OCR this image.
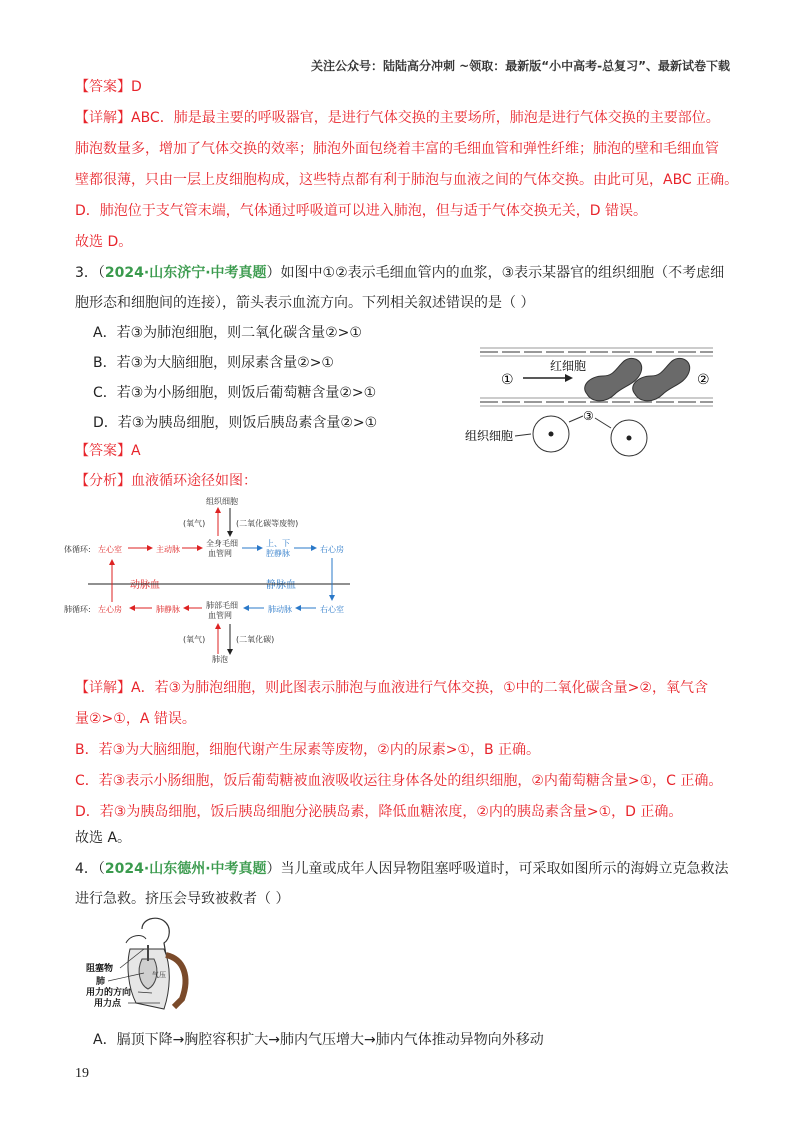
关注公众号：陆陆高分冲刺 ~领取：最新版“小中高考-总复习”、最新试卷下载
【答案】D
【详解】ABC．肺是最主要的呼吸器官，是进行气体交换的主要场所，肺泡是进行气体交换的主要部位。
肺泡数量多，增加了气体交换的效率；肺泡外面包绕着丰富的毛细血管和弹性纤维；肺泡的壁和毛细血管
壁都很薄，只由一层上皮细胞构成，这些特点都有利于肺泡与血液之间的气体交换。由此可见，ABC 正确。
D．肺泡位于支气管末端，气体通过呼吸道可以进入肺泡，但与适于气体交换无关，D 错误。
故选 D。
3．（2024·山东济宁·中考真题）如图中①②表示毛细血管内的血浆，③表示某器官的组织细胞（不考虑细
胞形态和细胞间的连接），箭头表示血流方向。下列相关叙述错误的是（ ）
A．若③为肺泡细胞，则二氧化碳含量②>①
B．若③为大脑细胞，则尿素含量②>①
C．若③为小肠细胞，则饭后葡萄糖含量②>①
D．若③为胰岛细胞，则饭后胰岛素含量②>①
①
红细胞
②
③
组织细胞
【答案】A
【分析】血液循环途径如图：
组织细胞
(氧气)	(二氧化碳等废物)
体循环:
全身毛细
血管网
肺循环:	肺部毛细
血管网
(氧气)	(二氧化碳)
肺泡
左心室	主动脉
上、下
腔静脉	右心房
左心房	肺静脉	肺动脉	右心室
动脉血	静脉血
【详解】A．若③为肺泡细胞，则此图表示肺泡与血液进行气体交换，①中的二氧化碳含量>②，氧气含
量②>①，A 错误。
B．若③为大脑细胞，细胞代谢产生尿素等废物，②内的尿素>①，B 正确。
C．若③表示小肠细胞，饭后葡萄糖被血液吸收运往身体各处的组织细胞，②内葡萄糖含量>①，C 正确。
D．若③为胰岛细胞，饭后胰岛细胞分泌胰岛素，降低血糖浓度，②内的胰岛素含量>①，D 正确。
故选 A。
4．（2024·山东德州·中考真题）当儿童或成年人因异物阻塞呼吸道时，可采取如图所示的海姆立克急救法
进行急救。挤压会导致被救者（ ）
气压
阻塞物
肺
用力的方向
用力点
A．膈顶下降→胸腔容积扩大→肺内气压增大→肺内气体推动异物向外移动
19
